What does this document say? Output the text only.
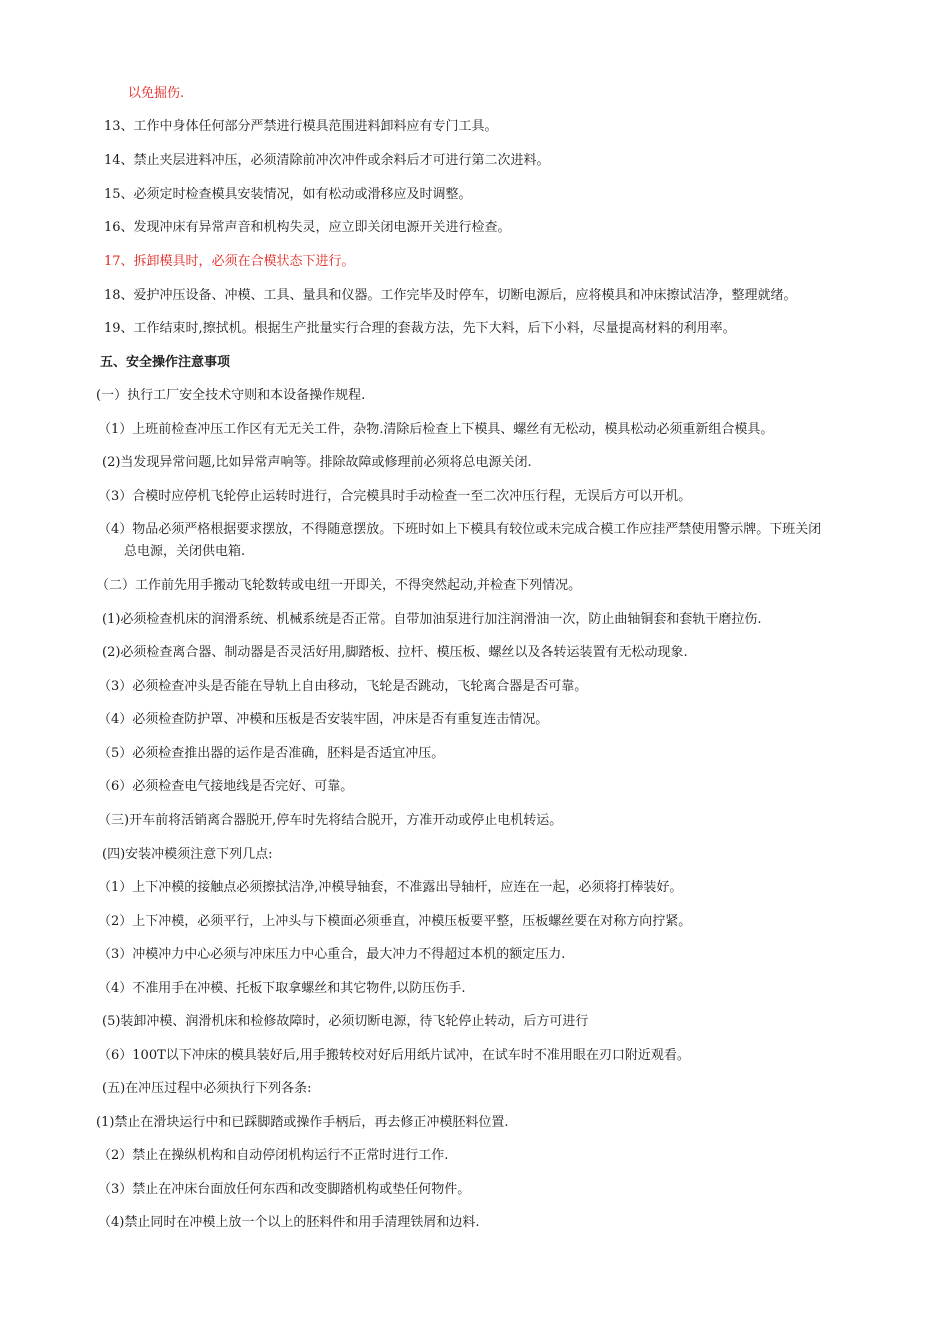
以免掘伤.
13、工作中身体任何部分严禁进行模具范围进料卸料应有专门工具。
14、禁止夹层进料冲压，必须清除前冲次冲件或余料后才可进行第二次进料。
15、必须定时检查模具安装情况，如有松动或滑移应及时调整。
16、发现冲床有异常声音和机构失灵，应立即关闭电源开关进行检查。
17、拆卸模具时，必须在合模状态下进行。
18、爱护冲压设备、冲模、工具、量具和仪器。工作完毕及时停车，切断电源后，应将模具和冲床擦试洁净，整理就绪。
19、工作结束时,擦拭机。根据生产批量实行合理的套裁方法，先下大料，后下小料，尽量提高材料的利用率。
五、安全操作注意事项
(一）执行工厂安全技术守则和本设备操作规程.
（1）上班前检查冲压工作区有无无关工件，杂物.清除后检查上下模具、螺丝有无松动，模具松动必须重新组合模具。
(2)当发现异常问题,比如异常声响等。排除故障或修理前必须将总电源关闭.
（3）合模时应停机飞轮停止运转时进行，合完模具时手动检查一至二次冲压行程，无误后方可以开机。
（4）物品必须严格根据要求摆放，不得随意摆放。下班时如上下模具有较位或未完成合模工作应挂严禁使用警示牌。下班关闭
总电源，关闭供电箱.
（二）工作前先用手搬动飞轮数转或电纽一开即关，不得突然起动,并检查下列情况。
(1)必须检查机床的润滑系统、机械系统是否正常。自带加油泵进行加注润滑油一次，防止曲轴铜套和套轨干磨拉伤.
(2)必须检查离合器、制动器是否灵活好用,脚踏板、拉杆、模压板、螺丝以及各转运装置有无松动现象.
（3）必须检查冲头是否能在导轨上自由移动，飞轮是否跳动，飞轮离合器是否可靠。
（4）必须检查防护罩、冲模和压板是否安装牢固，冲床是否有重复连击情况。
（5）必须检查推出器的运作是否准确，胚料是否适宜冲压。
（6）必须检查电气接地线是否完好、可靠。
（三)开车前将活销离合器脱开,停车时先将结合脱开，方准开动或停止电机转运。
(四)安装冲模须注意下列几点:
（1）上下冲模的接触点必须擦拭洁净,冲模导轴套，不准露出导轴杆，应连在一起，必须将打棒装好。
（2）上下冲模，必须平行，上冲头与下模面必须垂直，冲模压板要平整，压板螺丝要在对称方向拧紧。
（3）冲模冲力中心必须与冲床压力中心重合，最大冲力不得超过本机的额定压力.
（4）不准用手在冲模、托板下取拿螺丝和其它物件,以防压伤手.
(5)装卸冲模、润滑机床和检修故障时，必须切断电源，待飞轮停止转动，后方可进行
（6）100T以下冲床的模具装好后,用手搬转校对好后用纸片试冲，在试车时不准用眼在刃口附近观看。
(五)在冲压过程中必须执行下列各条:
(1)禁止在滑块运行中和已踩脚踏或操作手柄后，再去修正冲模胚料位置.
（2）禁止在操纵机构和自动停闭机构运行不正常时进行工作.
（3）禁止在冲床台面放任何东西和改变脚踏机构或垫任何物件。
（4)禁止同时在冲模上放一个以上的胚料件和用手清理铁屑和边料.
